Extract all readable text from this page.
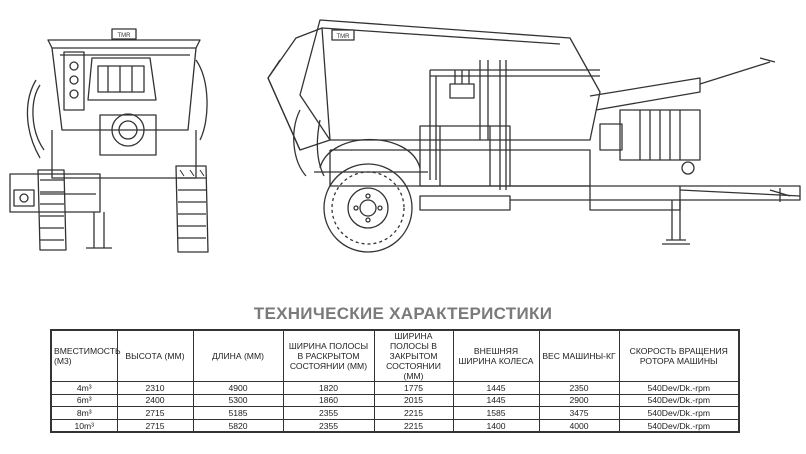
TMR	TMR
ТЕХНИЧЕСКИЕ ХАРАКТЕРИСТИКИ
ВМЕСТИМОСТЬ (М3)	ВЫСОТА (ММ)	ДЛИНА (ММ)	ШИРИНА ПОЛОСЫ В РАСКРЫТОМ СОСТОЯНИИ (ММ)	ШИРИНА ПОЛОСЫ В ЗАКРЫТОМ СОСТОЯНИИ (ММ)	ВНЕШНЯЯ ШИРИНА КОЛЕСА	ВЕС МАШИНЫ-КГ	СКОРОСТЬ ВРАЩЕНИЯ РОТОРА МАШИНЫ
4m³	2310	4900	1820	1775	1445	2350	540Dev/Dk.-rpm
6m³	2400	5300	1860	2015	1445	2900	540Dev/Dk.-rpm
8m³	2715	5185	2355	2215	1585	3475	540Dev/Dk.-rpm
10m³	2715	5820	2355	2215	1400	4000	540Dev/Dk.-rpm
